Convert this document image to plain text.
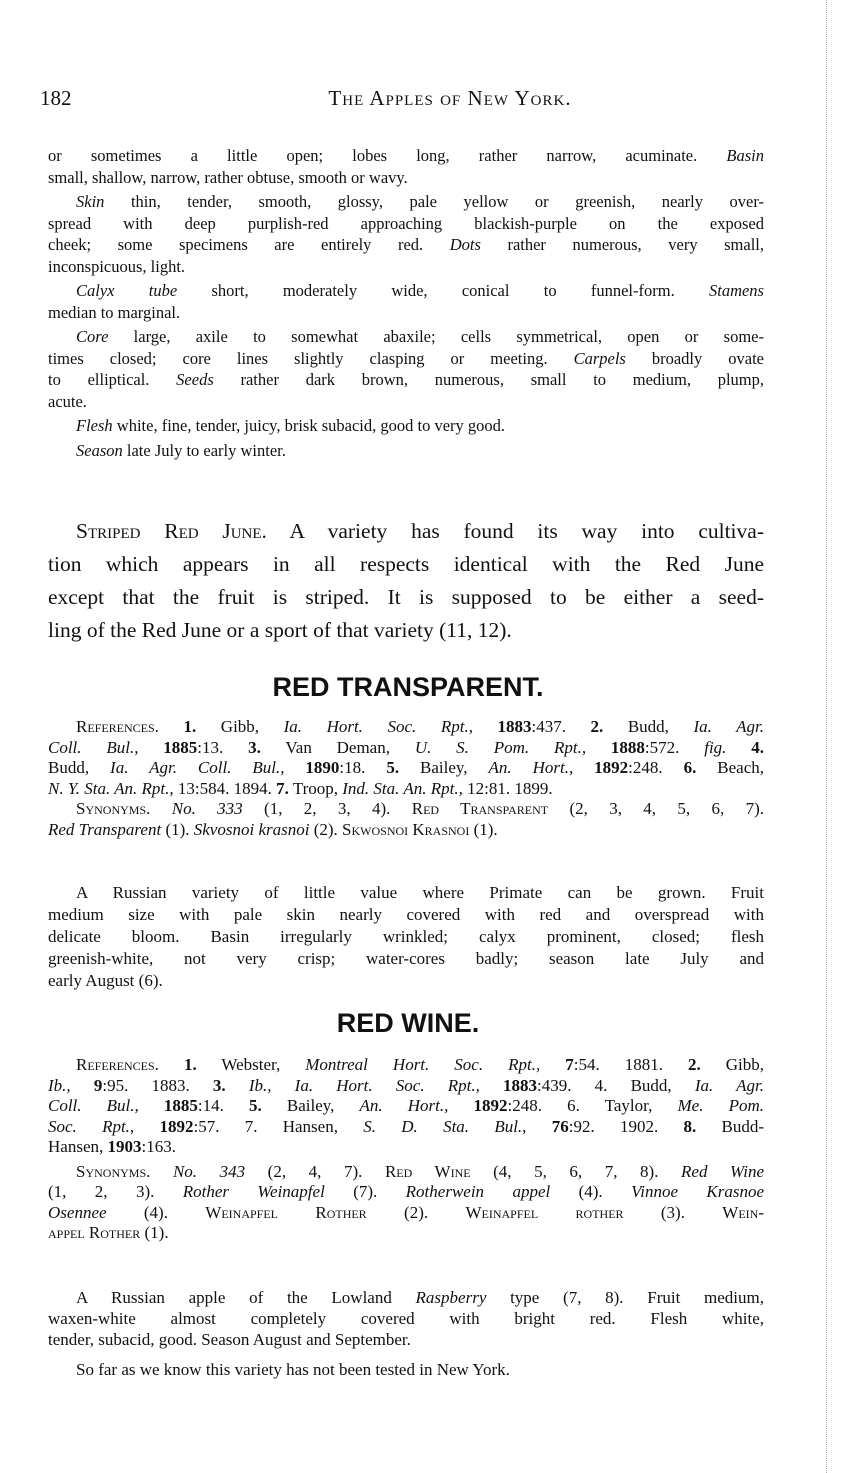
182	The Apples of New York.
or sometimes a little open; lobes long, rather narrow, acuminate. Basin
small, shallow, narrow, rather obtuse, smooth or wavy.
Skin thin, tender, smooth, glossy, pale yellow or greenish, nearly over-
spread with deep purplish-red approaching blackish-purple on the exposed
cheek; some specimens are entirely red. Dots rather numerous, very small,
inconspicuous, light.
Calyx tube short, moderately wide, conical to funnel-form. Stamens
median to marginal.
Core large, axile to somewhat abaxile; cells symmetrical, open or some-
times closed; core lines slightly clasping or meeting. Carpels broadly ovate
to elliptical. Seeds rather dark brown, numerous, small to medium, plump,
acute.
Flesh white, fine, tender, juicy, brisk subacid, good to very good.
Season late July to early winter.
Striped Red June. A variety has found its way into cultiva-
tion which appears in all respects identical with the Red June
except that the fruit is striped. It is supposed to be either a seed-
ling of the Red June or a sport of that variety (11, 12).
RED TRANSPARENT.
References. 1. Gibb, Ia. Hort. Soc. Rpt., 1883:437. 2. Budd, Ia. Agr.
Coll. Bul., 1885:13. 3. Van Deman, U. S. Pom. Rpt., 1888:572. fig. 4.
Budd, Ia. Agr. Coll. Bul., 1890:18. 5. Bailey, An. Hort., 1892:248. 6. Beach,
N. Y. Sta. An. Rpt., 13:584. 1894. 7. Troop, Ind. Sta. An. Rpt., 12:81. 1899.
Synonyms. No. 333 (1, 2, 3, 4). Red Transparent (2, 3, 4, 5, 6, 7).
Red Transparent (1). Skvosnoi krasnoi (2). Skwosnoi Krasnoi (1).
A Russian variety of little value where Primate can be grown. Fruit
medium size with pale skin nearly covered with red and overspread with
delicate bloom. Basin irregularly wrinkled; calyx prominent, closed; flesh
greenish-white, not very crisp; water-cores badly; season late July and
early August (6).
RED WINE.
References. 1. Webster, Montreal Hort. Soc. Rpt., 7:54. 1881. 2. Gibb,
Ib., 9:95. 1883. 3. Ib., Ia. Hort. Soc. Rpt., 1883:439. 4. Budd, Ia. Agr.
Coll. Bul., 1885:14. 5. Bailey, An. Hort., 1892:248. 6. Taylor, Me. Pom.
Soc. Rpt., 1892:57. 7. Hansen, S. D. Sta. Bul., 76:92. 1902. 8. Budd-
Hansen, 1903:163.
Synonyms. No. 343 (2, 4, 7). Red Wine (4, 5, 6, 7, 8). Red Wine
(1, 2, 3). Rother Weinapfel (7). Rotherwein appel (4). Vinnoe Krasnoe
Osennee (4). Weinapfel Rother (2). Weinapfel rother (3). Wein-
appel Rother (1).
A Russian apple of the Lowland Raspberry type (7, 8). Fruit medium,
waxen-white almost completely covered with bright red. Flesh white,
tender, subacid, good. Season August and September.
So far as we know this variety has not been tested in New York.
